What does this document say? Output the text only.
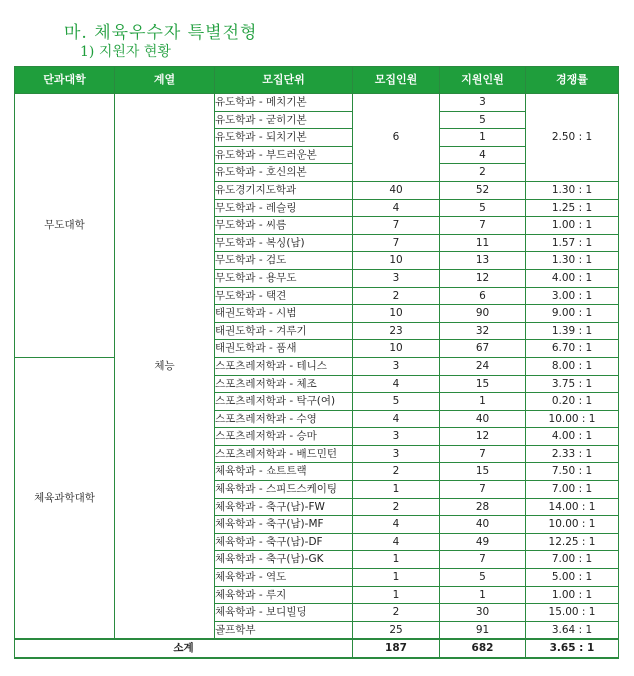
마. 체육우수자 특별전형
1) 지원자 현황
단과대학	계열	모집단위	모집인원	지원인원	경쟁률
무도대학	체능	유도학과 - 메치기본	6	3	2.50 : 1
		유도학과 - 굳히기본		5	
		유도학과 - 되치기본		1	
		유도학과 - 부드러운본		4	
		유도학과 - 호신의본		2	
		유도경기지도학과	40	52	1.30 : 1
		무도학과 - 레슬링	4	5	1.25 : 1
		무도학과 - 씨름	7	7	1.00 : 1
		무도학과 - 복싱(남)	7	11	1.57 : 1
		무도학과 - 검도	10	13	1.30 : 1
		무도학과 - 용무도	3	12	4.00 : 1
		무도학과 - 택견	2	6	3.00 : 1
		태권도학과 - 시범	10	90	9.00 : 1
		태권도학과 - 겨루기	23	32	1.39 : 1
		태권도학과 - 품새	10	67	6.70 : 1
체육과학대학		스포츠레저학과 - 테니스	3	24	8.00 : 1
		스포츠레저학과 - 체조	4	15	3.75 : 1
		스포츠레저학과 - 탁구(여)	5	1	0.20 : 1
		스포츠레저학과 - 수영	4	40	10.00 : 1
		스포츠레저학과 - 승마	3	12	4.00 : 1
		스포츠레저학과 - 배드민턴	3	7	2.33 : 1
		체육학과 - 쇼트트랙	2	15	7.50 : 1
		체육학과 - 스피드스케이팅	1	7	7.00 : 1
		체육학과 - 축구(남)-FW	2	28	14.00 : 1
		체육학과 - 축구(남)-MF	4	40	10.00 : 1
		체육학과 - 축구(남)-DF	4	49	12.25 : 1
		체육학과 - 축구(남)-GK	1	7	7.00 : 1
		체육학과 - 역도	1	5	5.00 : 1
		체육학과 - 루지	1	1	1.00 : 1
		체육학과 - 보디빌딩	2	30	15.00 : 1
		골프학부	25	91	3.64 : 1
소계			187	682	3.65 : 1
